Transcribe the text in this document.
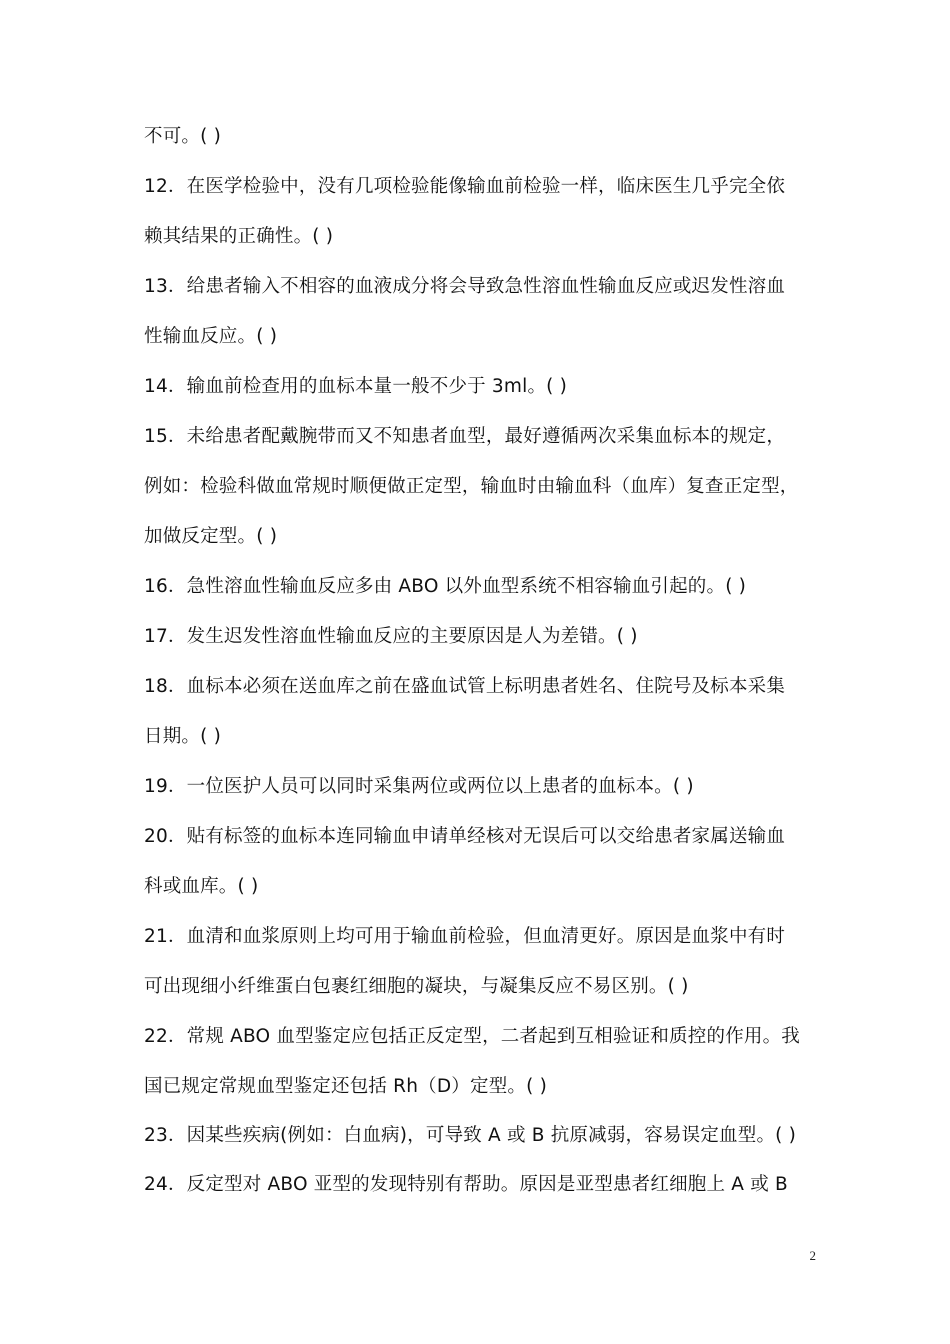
不可。( )
12．在医学检验中，没有几项检验能像输血前检验一样，临床医生几乎完全依
赖其结果的正确性。( )
13．给患者输入不相容的血液成分将会导致急性溶血性输血反应或迟发性溶血
性输血反应。( )
14．输血前检查用的血标本量一般不少于 3ml。( )
15．未给患者配戴腕带而又不知患者血型，最好遵循两次采集血标本的规定，
例如：检验科做血常规时顺便做正定型，输血时由输血科（血库）复查正定型，
加做反定型。( )
16．急性溶血性输血反应多由 ABO 以外血型系统不相容输血引起的。( )
17．发生迟发性溶血性输血反应的主要原因是人为差错。( )
18．血标本必须在送血库之前在盛血试管上标明患者姓名、住院号及标本采集
日期。( )
19．一位医护人员可以同时采集两位或两位以上患者的血标本。( )
20．贴有标签的血标本连同输血申请单经核对无误后可以交给患者家属送输血
科或血库。( )
21．血清和血浆原则上均可用于输血前检验，但血清更好。原因是血浆中有时
可出现细小纤维蛋白包裹红细胞的凝块，与凝集反应不易区别。( )
22．常规 ABO 血型鉴定应包括正反定型，二者起到互相验证和质控的作用。我
国已规定常规血型鉴定还包括 Rh（D）定型。( )
23．因某些疾病(例如：白血病)，可导致 A 或 B 抗原减弱，容易误定血型。( )
24．反定型对 ABO 亚型的发现特别有帮助。原因是亚型患者红细胞上 A 或 B
2
